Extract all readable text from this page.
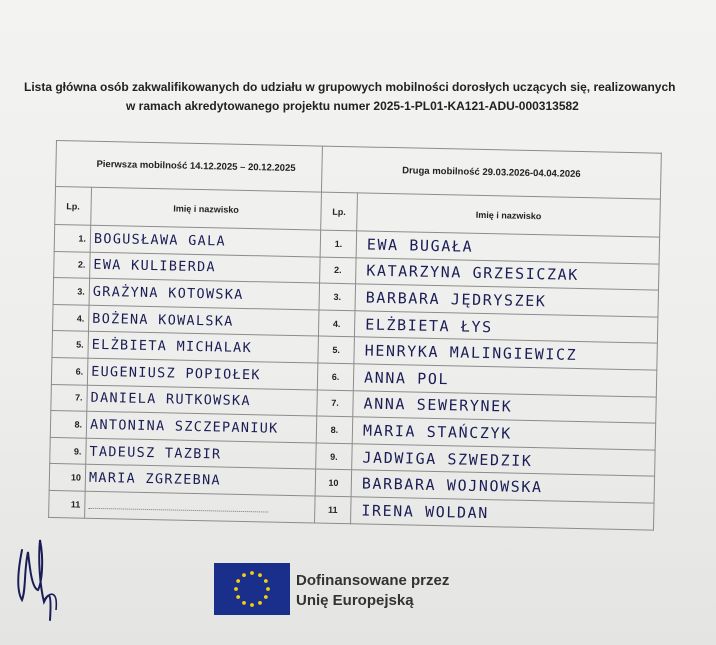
Lista główna osób zakwalifikowanych do udziału w grupowych mobilności dorosłych uczących się, realizowanych
w ramach akredytowanego projektu numer 2025-1-PL01-KA121-ADU-000313582
Pierwsza mobilność 14.12.2025 – 20.12.2025		Druga mobilność 29.03.2026-04.04.2026	
Lp.	Imię i nazwisko	Lp.	Imię i nazwisko
1.	BOGUSŁAWA GALA	1.	EWA BUGAŁA
2.	EWA KULIBERDA	2.	KATARZYNA GRZESICZAK
3.	GRAŻYNA KOTOWSKA	3.	BARBARA JĘDRYSZEK
4.	BOŻENA KOWALSKA	4.	ELŻBIETA ŁYS
5.	ELŻBIETA MICHALAK	5.	HENRYKA MALINGIEWICZ
6.	EUGENIUSZ POPIOŁEK	6.	ANNA POL
7.	DANIELA RUTKOWSKA	7.	ANNA SEWERYNEK
8.	ANTONINA SZCZEPANIUK	8.	MARIA STAŃCZYK
9.	TADEUSZ TAZBIR	9.	JADWIGA SZWEDZIK
10	MARIA ZGRZEBNA	10	BARBARA WOJNOWSKA
11		11	IRENA WOLDAN
Dofinansowane przez
Unię Europejską
